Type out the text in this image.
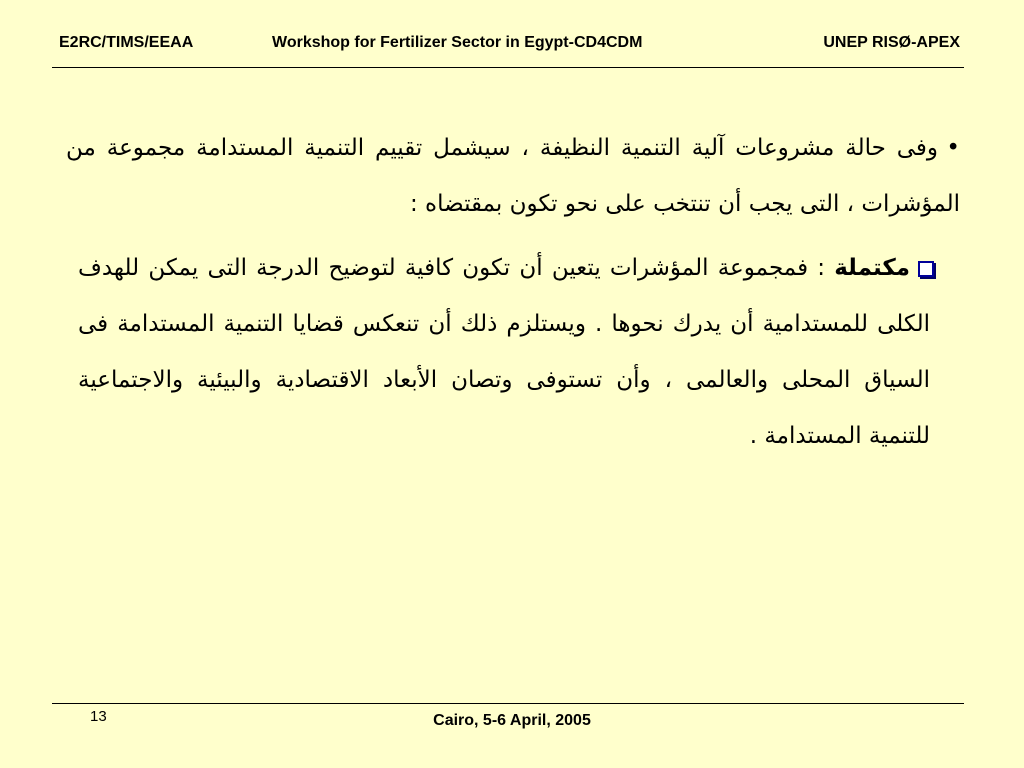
E2RC/TIMS/EEAA	Workshop for Fertilizer Sector in Egypt-CD4CDM	UNEP RISØ-APEX
•وفى حالة مشروعات آلية التنمية النظيفة ، سيشمل تقييم التنمية المستدامة مجموعة من المؤشرات ، التى يجب أن تنتخب على نحو تكون بمقتضاه :
مكتملة : فمجموعة المؤشرات يتعين أن تكون كافية لتوضيح الدرجة التى يمكن للهدف الكلى للمستدامية أن يدرك نحوها . ويستلزم ذلك أن تنعكس قضايا التنمية المستدامة فى السياق المحلى والعالمى ، وأن تستوفى وتصان الأبعاد الاقتصادية والبيئية والاجتماعية للتنمية المستدامة .
13	Cairo, 5-6 April, 2005
